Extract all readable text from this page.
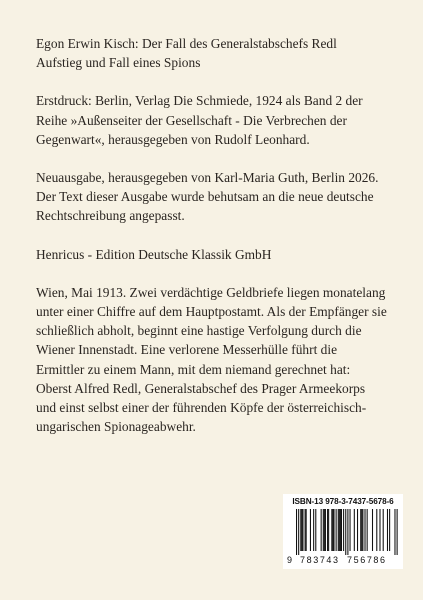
Egon Erwin Kisch: Der Fall des Generalstabschefs Redl

Aufstieg und Fall eines Spions

Erstdruck: Berlin, Verlag Die Schmiede, 1924 als Band 2 der Reihe »Außenseiter der Gesellschaft - Die Verbrechen der Gegenwart«, herausgegeben von Rudolf Leonhard.

Neuausgabe, herausgegeben von Karl-Maria Guth, Berlin 2026. Der Text dieser Ausgabe wurde behutsam an die neue deutsche Rechtschreibung angepasst.

Henricus - Edition Deutsche Klassik GmbH

Wien, Mai 1913. Zwei verdächtige Geldbriefe liegen monatelang unter einer Chiffre auf dem Hauptpostamt. Als der Empfänger sie schließlich abholt, beginnt eine hastige Verfolgung durch die Wiener Innenstadt. Eine verlorene Messerhülle führt die Ermittler zu einem Mann, mit dem niemand gerechnet hat: Oberst Alfred Redl, Generalstabschef des Prager Armeekorps und einst selbst einer der führenden Köpfe der österreichisch-ungarischen Spionageabwehr.

ISBN-13 978-3-7437-5678-6
9 783743 756786
